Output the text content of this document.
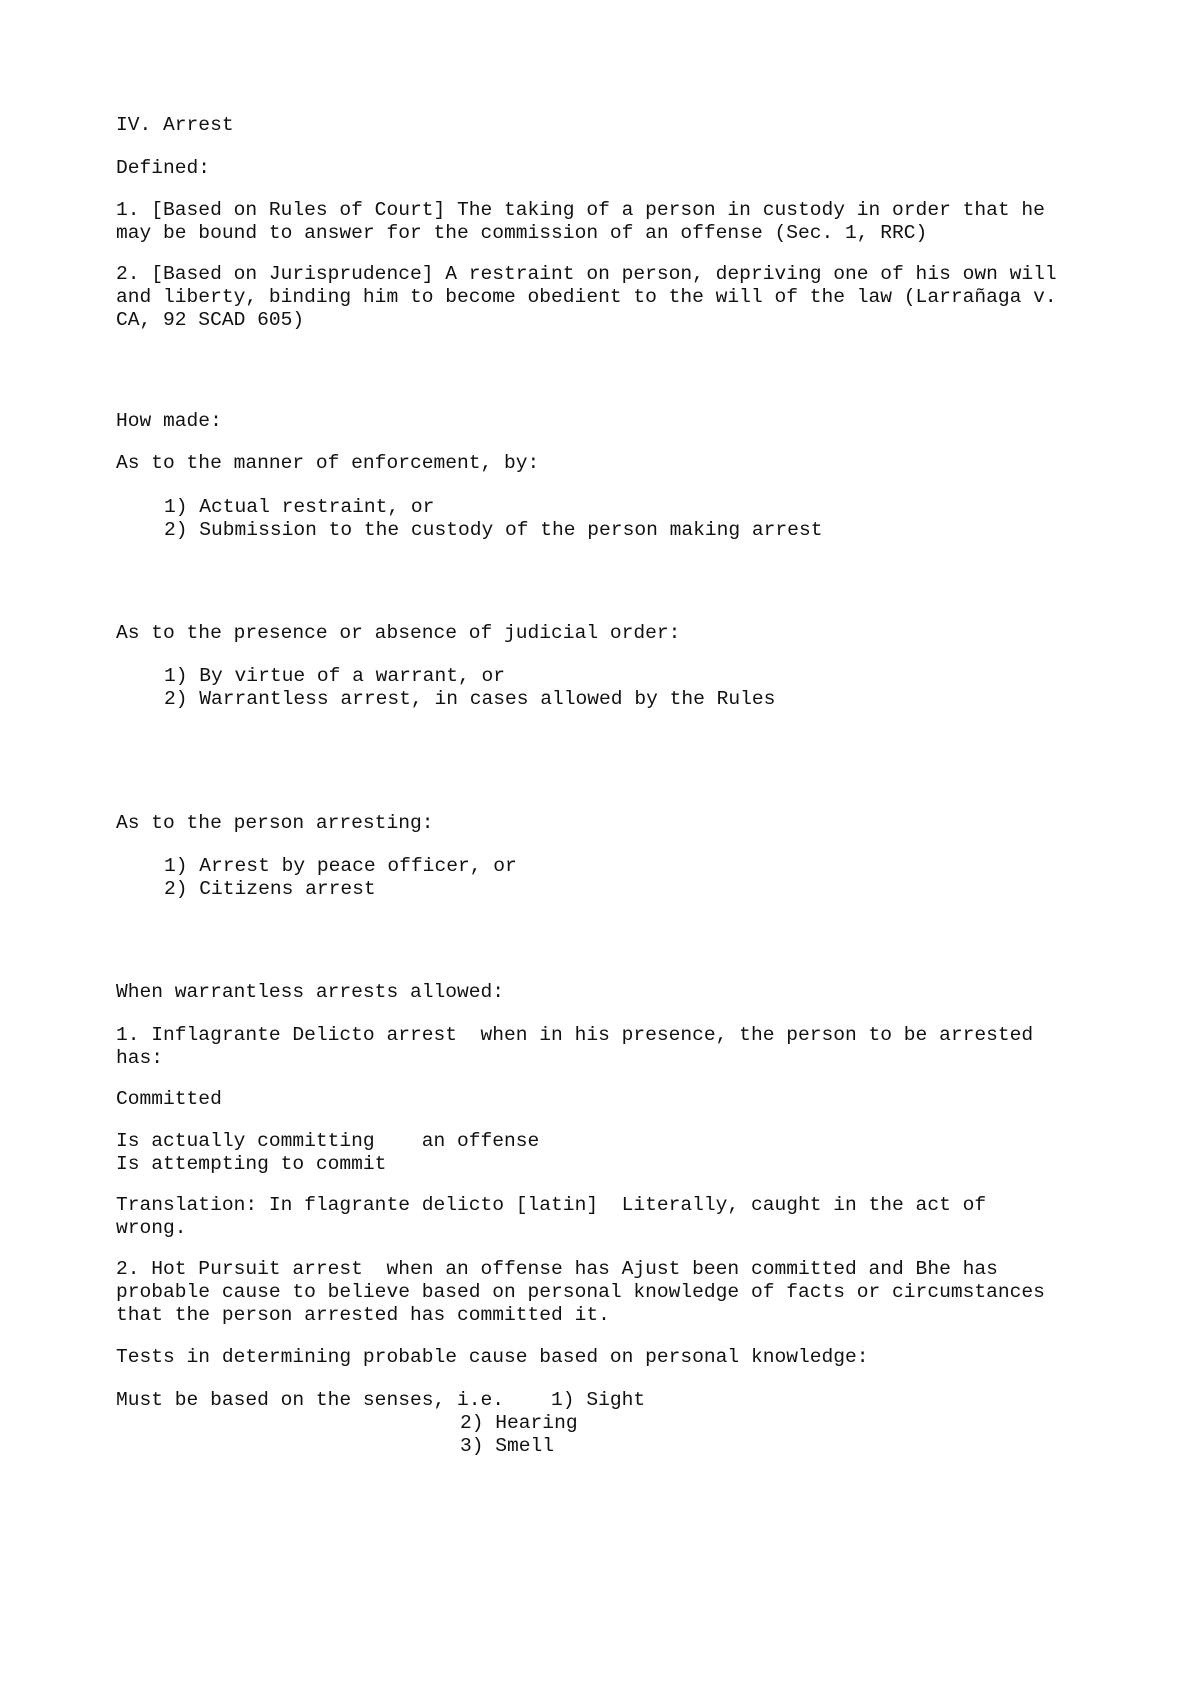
IV. Arrest
Defined:
1. [Based on Rules of Court] The taking of a person in custody in order that he
may be bound to answer for the commission of an offense (Sec. 1, RRC)
2. [Based on Jurisprudence] A restraint on person, depriving one of his own will
and liberty, binding him to become obedient to the will of the law (Larrañaga v.
CA, 92 SCAD 605)
How made:
As to the manner of enforcement, by:
1) Actual restraint, or
2) Submission to the custody of the person making arrest
As to the presence or absence of judicial order:
1) By virtue of a warrant, or
2) Warrantless arrest, in cases allowed by the Rules
As to the person arresting:
1) Arrest by peace officer, or
2) Citizens arrest
When warrantless arrests allowed:
1. Inflagrante Delicto arrest  when in his presence, the person to be arrested
has:
Committed
Is actually committing    an offense
Is attempting to commit
Translation: In flagrante delicto [latin]  Literally, caught in the act of
wrong.
2. Hot Pursuit arrest  when an offense has Ajust been committed and Bhe has
probable cause to believe based on personal knowledge of facts or circumstances
that the person arrested has committed it.
Tests in determining probable cause based on personal knowledge:
Must be based on the senses, i.e.    1) Sight
2) Hearing
3) Smell
